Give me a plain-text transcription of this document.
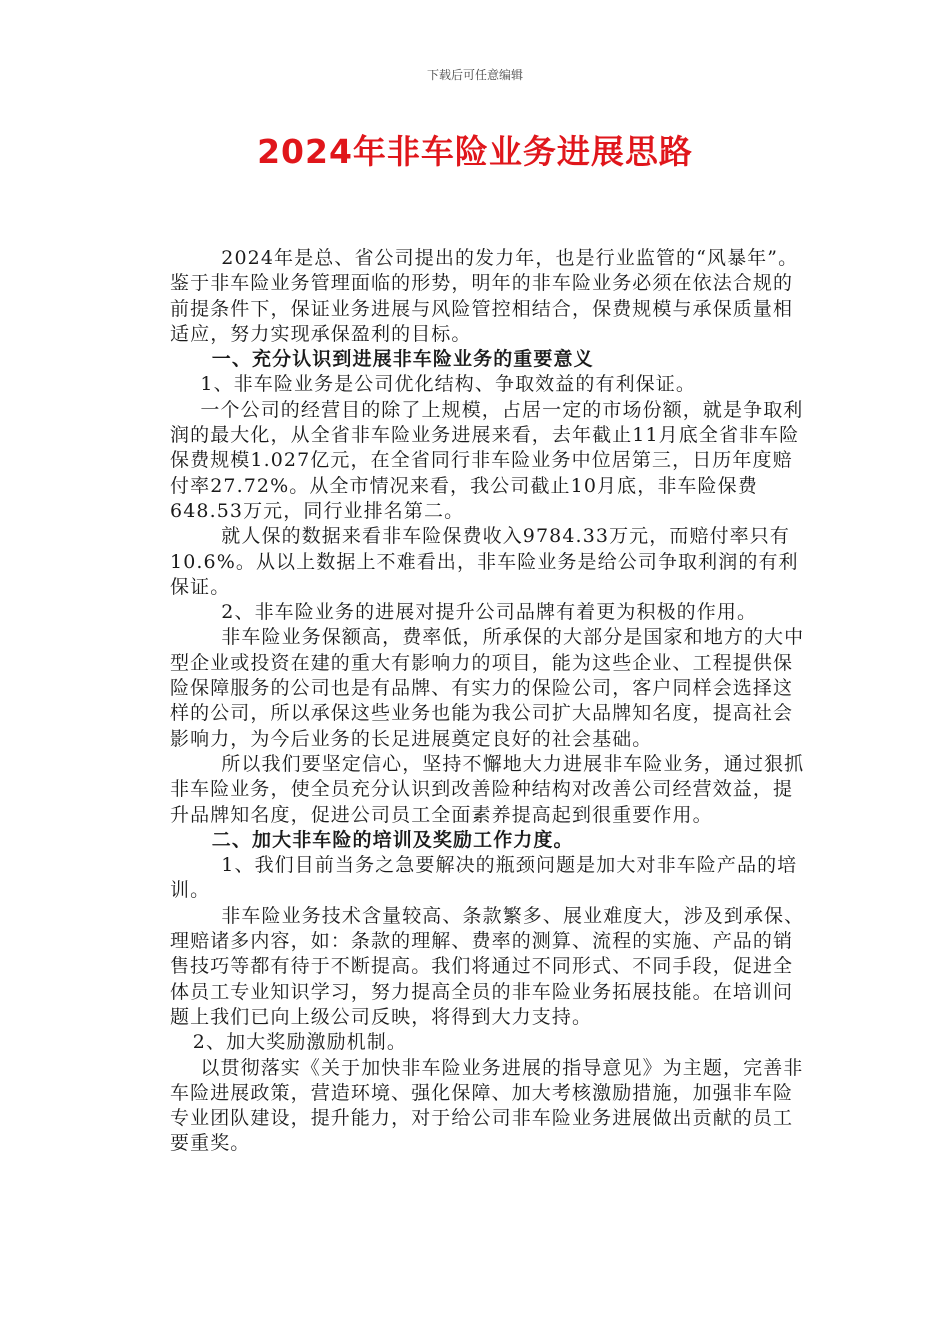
下载后可任意编辑
2024年非车险业务进展思路

2024年是总、省公司提出的发力年，也是行业监管的“风暴年”。鉴于非车险业务管理面临的形势，明年的非车险业务必须在依法合规的前提条件下，保证业务进展与风险管控相结合，保费规模与承保质量相适应，努力实现承保盈利的目标。

一、充分认识到进展非车险业务的重要意义

1、非车险业务是公司优化结构、争取效益的有利保证。

一个公司的经营目的除了上规模，占居一定的市场份额，就是争取利润的最大化，从全省非车险业务进展来看，去年截止11月底全省非车险保费规模1.027亿元，在全省同行非车险业务中位居第三，日历年度赔付率27.72%。从全市情况来看，我公司截止10月底，非车险保费648.53万元，同行业排名第二。

就人保的数据来看非车险保费收入9784.33万元，而赔付率只有10.6%。从以上数据上不难看出，非车险业务是给公司争取利润的有利保证。

2、非车险业务的进展对提升公司品牌有着更为积极的作用。

非车险业务保额高，费率低，所承保的大部分是国家和地方的大中型企业或投资在建的重大有影响力的项目，能为这些企业、工程提供保险保障服务的公司也是有品牌、有实力的保险公司，客户同样会选择这样的公司，所以承保这些业务也能为我公司扩大品牌知名度，提高社会影响力，为今后业务的长足进展奠定良好的社会基础。

所以我们要坚定信心，坚持不懈地大力进展非车险业务，通过狠抓非车险业务，使全员充分认识到改善险种结构对改善公司经营效益，提升品牌知名度，促进公司员工全面素养提高起到很重要作用。

二、加大非车险的培训及奖励工作力度。

1、我们目前当务之急要解决的瓶颈问题是加大对非车险产品的培训。

非车险业务技术含量较高、条款繁多、展业难度大，涉及到承保、理赔诸多内容，如：条款的理解、费率的测算、流程的实施、产品的销售技巧等都有待于不断提高。我们将通过不同形式、不同手段，促进全体员工专业知识学习，努力提高全员的非车险业务拓展技能。在培训问题上我们已向上级公司反映，将得到大力支持。

2、加大奖励激励机制。

以贯彻落实《关于加快非车险业务进展的指导意见》为主题，完善非车险进展政策，营造环境、强化保障、加大考核激励措施，加强非车险专业团队建设，提升能力，对于给公司非车险业务进展做出贡献的员工要重奖。
